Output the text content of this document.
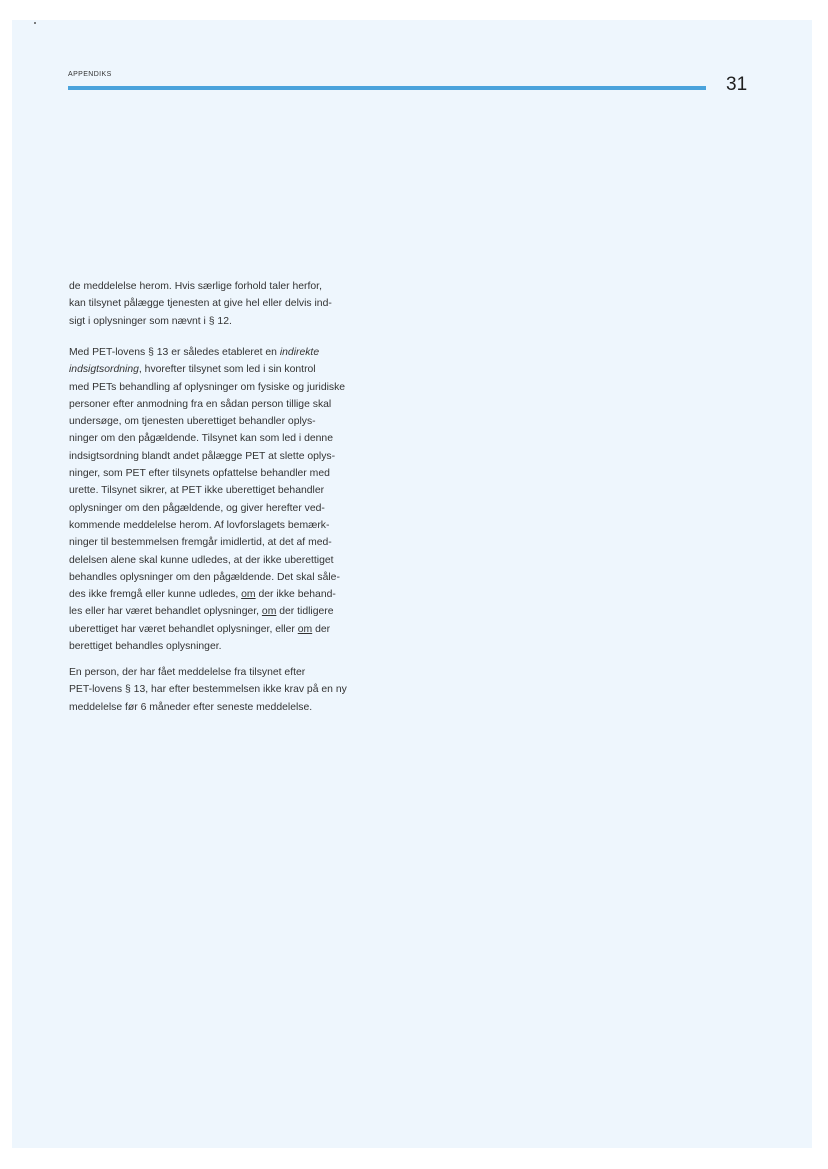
APPENDIKS	31
de meddelelse herom. Hvis særlige forhold taler herfor,
kan tilsynet pålægge tjenesten at give hel eller delvis ind-
sigt i oplysninger som nævnt i § 12.
Med PET-lovens § 13 er således etableret en indirekte
indsigtsordning, hvorefter tilsynet som led i sin kontrol
med PETs behandling af oplysninger om fysiske og juridiske
personer efter anmodning fra en sådan person tillige skal
undersøge, om tjenesten uberettiget behandler oplys-
ninger om den pågældende. Tilsynet kan som led i denne
indsigtsordning blandt andet pålægge PET at slette oplys-
ninger, som PET efter tilsynets opfattelse behandler med
urette. Tilsynet sikrer, at PET ikke uberettiget behandler
oplysninger om den pågældende, og giver herefter ved-
kommende meddelelse herom. Af lovforslagets bemærk-
ninger til bestemmelsen fremgår imidlertid, at det af med-
delelsen alene skal kunne udledes, at der ikke uberettiget
behandles oplysninger om den pågældende. Det skal såle-
des ikke fremgå eller kunne udledes, om der ikke behand-
les eller har været behandlet oplysninger, om der tidligere
uberettiget har været behandlet oplysninger, eller om der
berettiget behandles oplysninger.
En person, der har fået meddelelse fra tilsynet efter
PET-lovens § 13, har efter bestemmelsen ikke krav på en ny
meddelelse før 6 måneder efter seneste meddelelse.
